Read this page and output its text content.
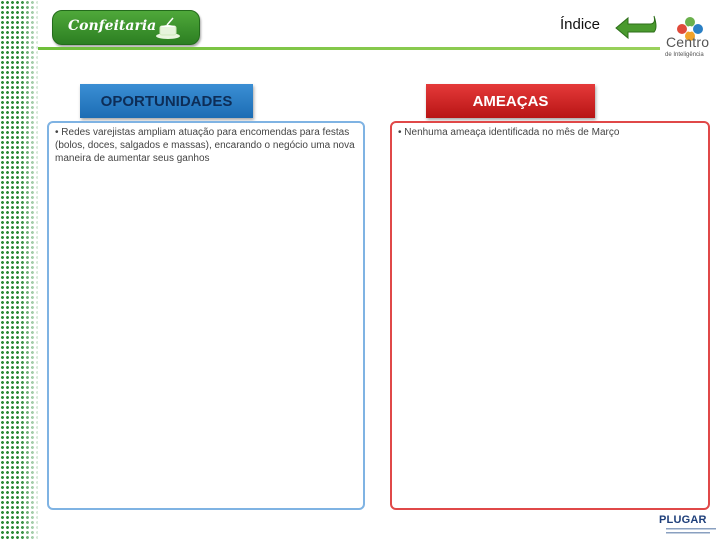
Confeitaria	Índice
Centro
de Inteligência
OPORTUNIDADES
• Redes varejistas ampliam atuação para encomendas para festas (bolos, doces, salgados e massas), encarando o negócio uma nova maneira de aumentar seus ganhos
AMEAÇAS
• Nenhuma ameaça identificada no mês de Março
PLUGAR
